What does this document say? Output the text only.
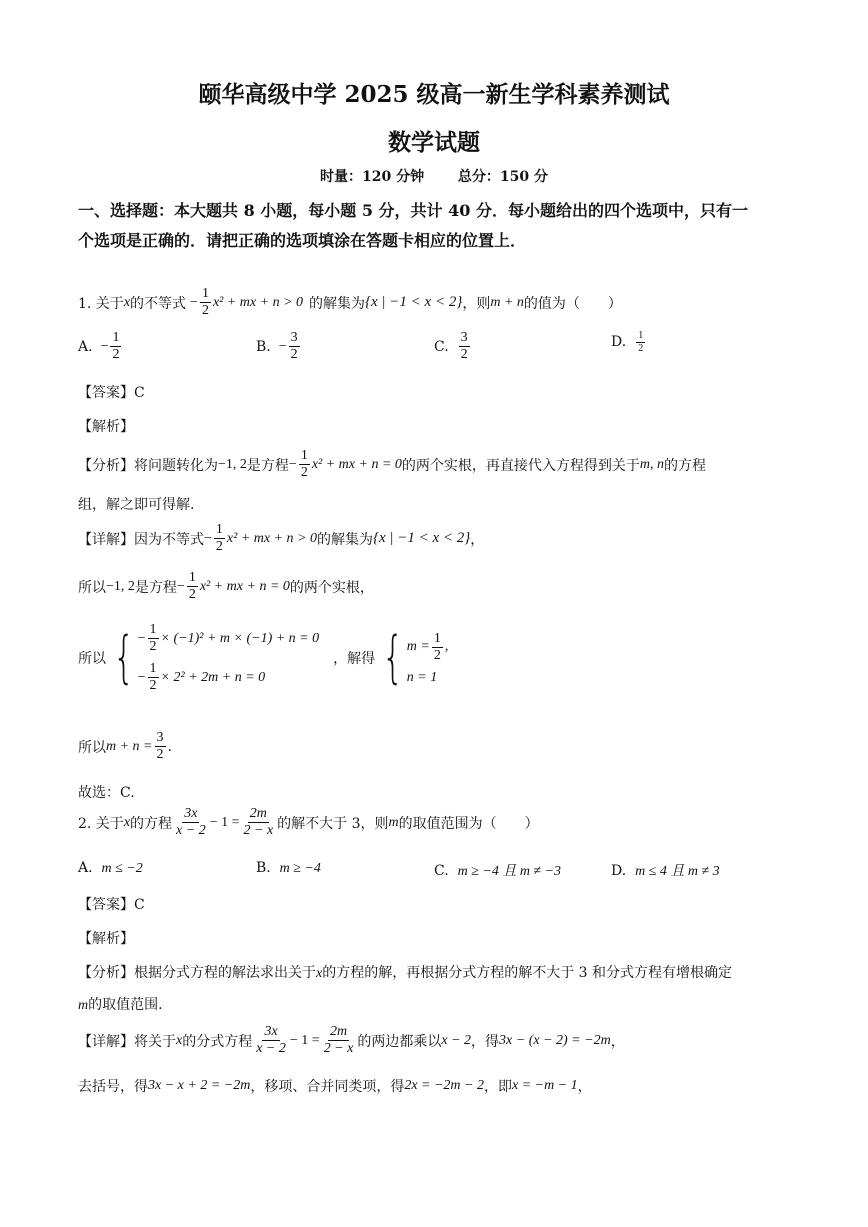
颐华高级中学 2025 级高一新生学科素养测试
数学试题
时量：120 分钟 总分：150 分
一、选择题：本大题共 8 小题，每小题 5 分，共计 40 分．每小题给出的四个选项中，只有一
个选项是正确的．请把正确的选项填涂在答题卡相应的位置上．
1. 关于 x 的不等式 − $\frac{1}{2} x^2$ + mx + n > 0 的解集为 {x | −1 < x < 2} ，则 m + n 的值为（　　）
A. − $\frac{1}{2}$	B. − $\frac{3}{2}$	C. $\frac{3}{2}$	D. $\frac{1}{2}$
【答案】C
【解析】
【分析】将问题转化为 −1, 2 是方程 − $\frac{1}{2} x^2$ + mx + n = 0 的两个实根，再直接代入方程得到关于 m, n 的方程
组，解之即可得解.
【详解】因为不等式 − $\frac{1}{2} x^2$ + mx + n > 0 的解集为 {x | −1 < x < 2} ，
所以 −1, 2 是方程 − $\frac{1}{2} x^2$ + mx + n = 0 的两个实根，
所以 { − $\frac{1}{2} \times (-1)^2 + m \times (-1) + n = 0$
− $\frac{1}{2} \times 2^2 + 2m + n = 0$
，解得 { $m = \frac{1}{2}$ ,
n = 1
所以 $m + n = \frac{3}{2}$ .
故选：C.
2. 关于 x 的方程 $\frac{3x}{x - 2} - 1 = \frac{2m}{2 - x}$ 的解不大于 3，则 m 的取值范围为（　　）
A. m ≤ −2	B. m ≥ −4	C. m ≥ −4 且 m ≠ −3	D. m ≤ 4 且 m ≠ 3
【答案】C
【解析】
【分析】根据分式方程的解法求出关于x的方程的解，再根据分式方程的解不大于 3 和分式方程有增根确定
m的取值范围.
【详解】将关于 x 的分式方程 $\frac{3x}{x - 2} - 1 = \frac{2m}{2 - x}$ 的两边都乘以 x − 2 ，得 3x − (x − 2) = −2m ，
去括号，得 3x − x + 2 = −2m ，移项、合并同类项，得 2x = −2m − 2 ，即 x = −m − 1 ，
